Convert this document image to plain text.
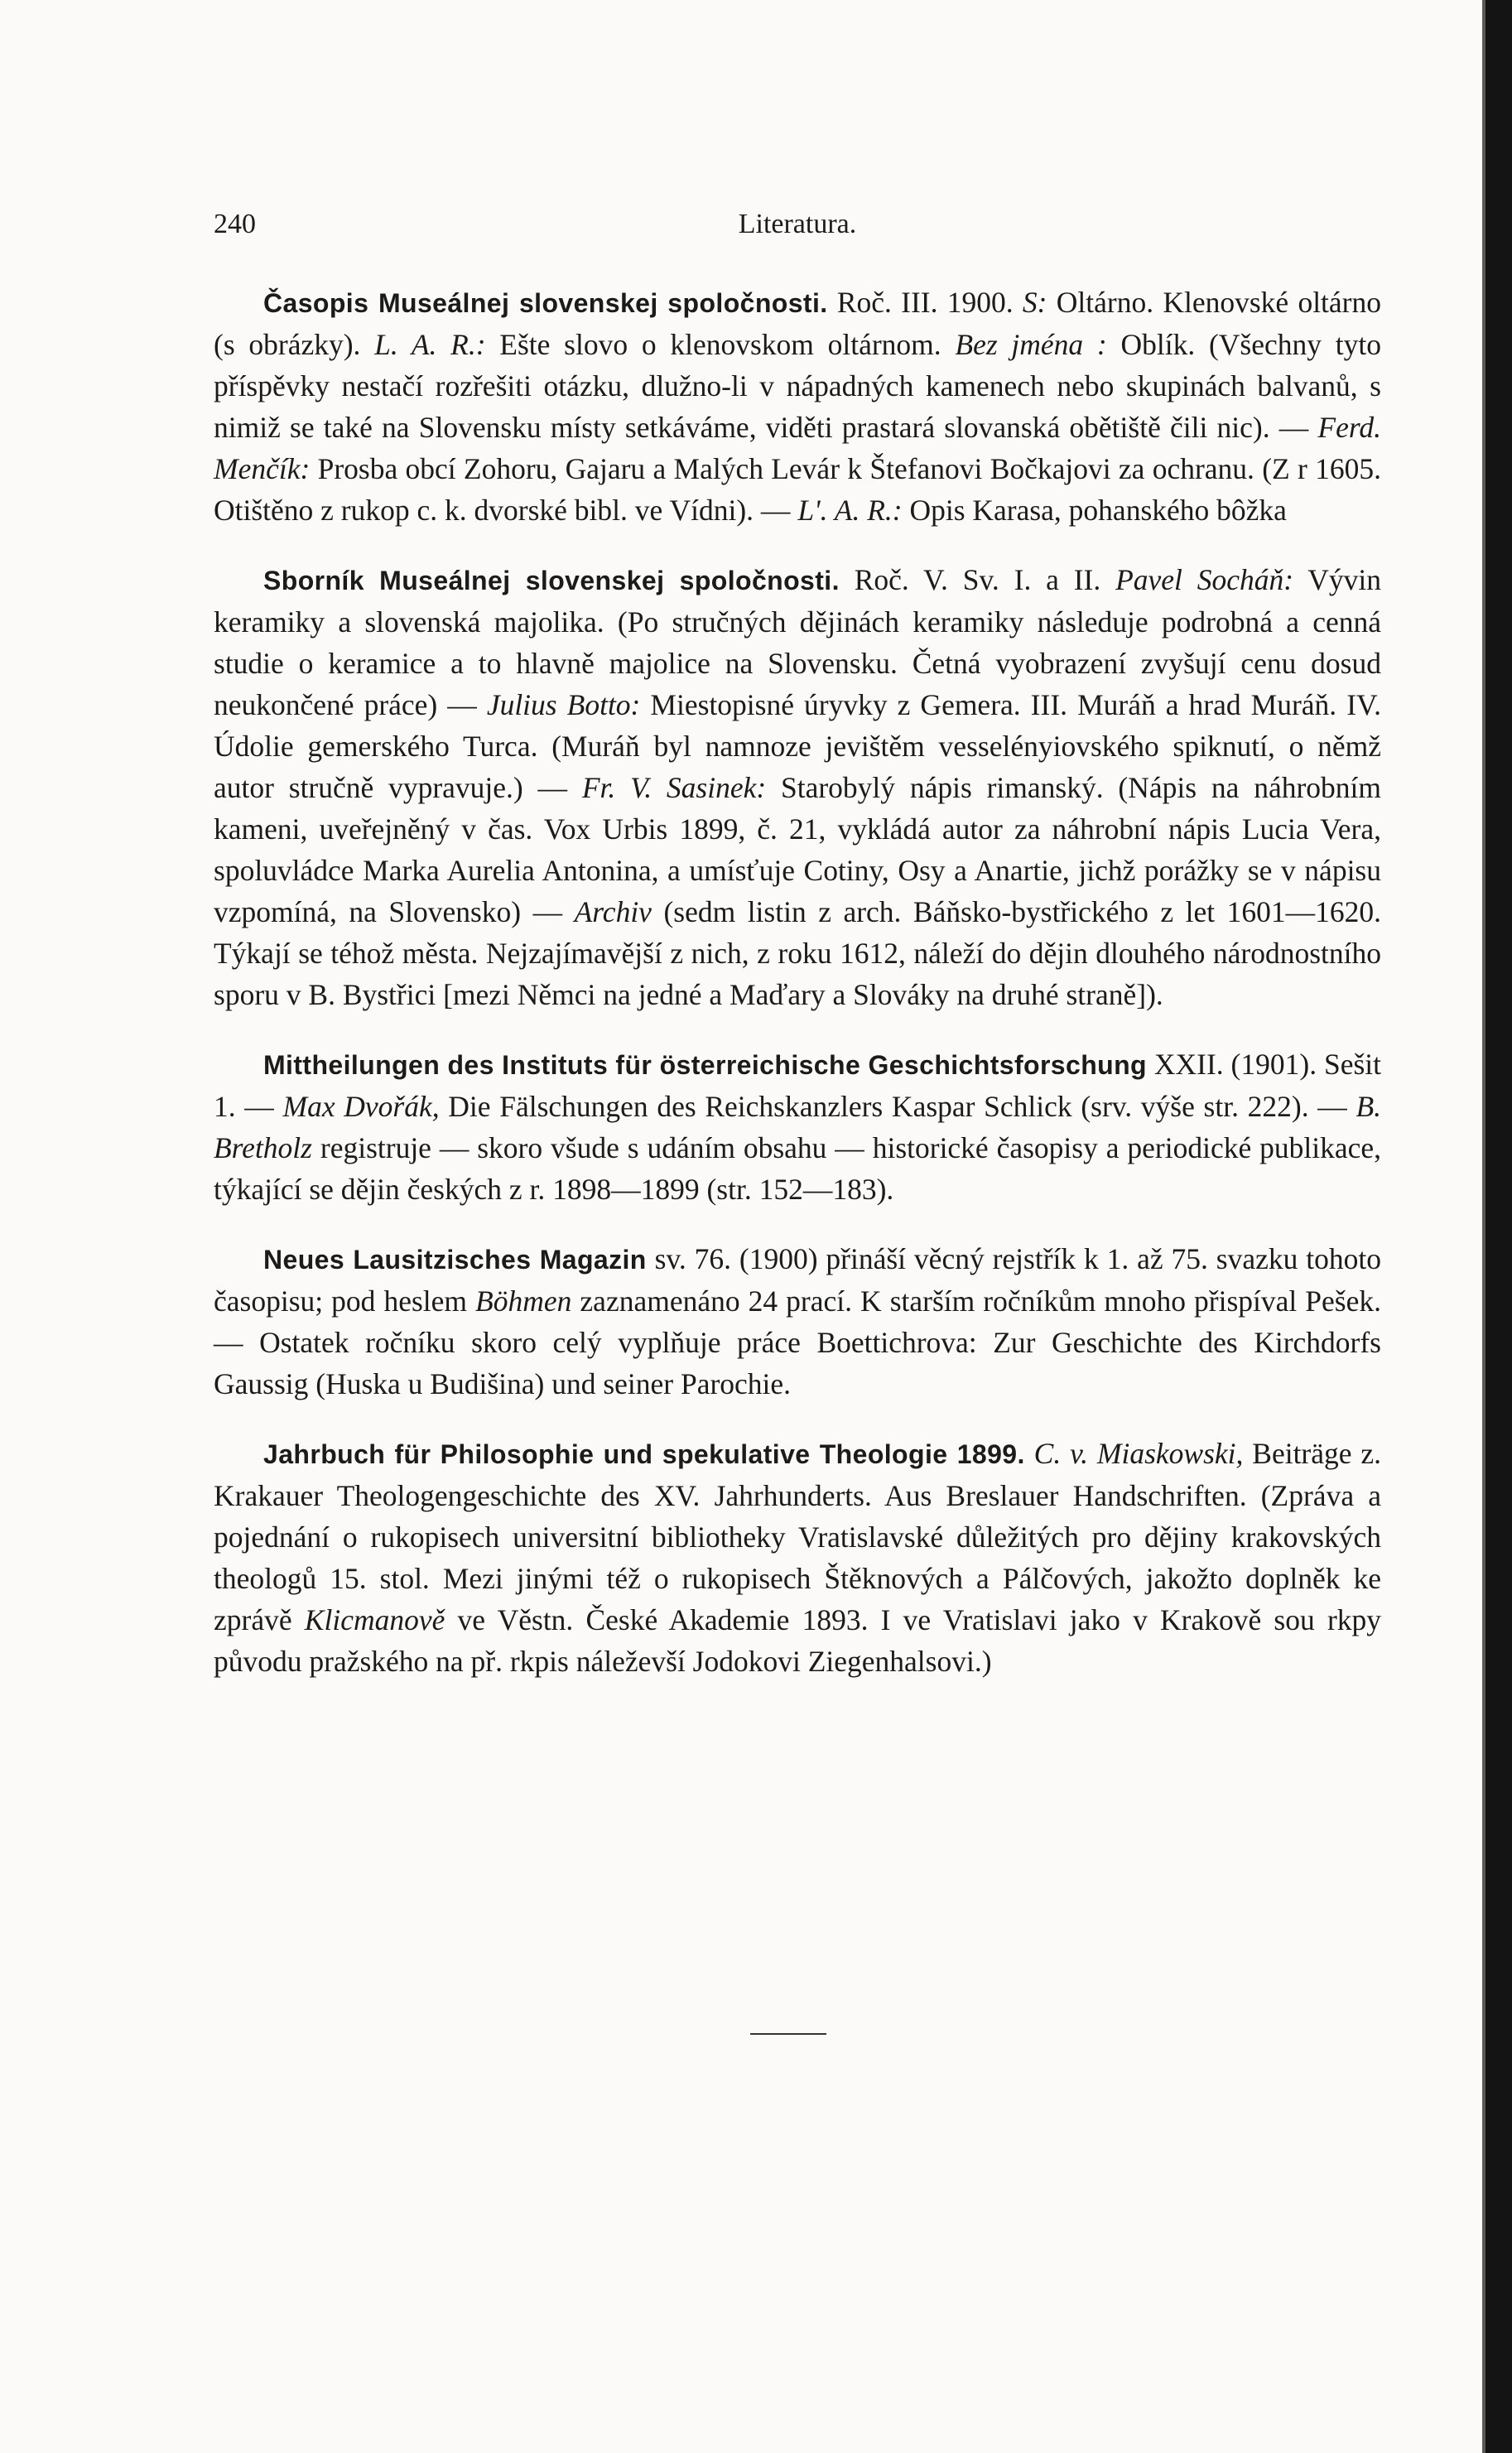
240	Literatura.

Časopis Museálnej slovenskej spoločnosti. Roč. III. 1900. S: Oltárno. Klenovské oltárno (s obrázky). L. A. R.: Ešte slovo o klenovskom oltárnom. Bez jména : Oblík. (Všechny tyto příspěvky nestačí rozřešiti otázku, dlužno-li v nápadných kamenech nebo skupinách balvanů, s nimiž se také na Slovensku místy setkáváme, viděti prastará slovanská obětiště čili nic). — Ferd. Menčík: Prosba obcí Zohoru, Gajaru a Malých Levár k Štefanovi Bočkajovi za ochranu. (Z r 1605. Otištěno z rukop c. k. dvorské bibl. ve Vídni). — L'. A. R.: Opis Karasa, pohanského bôžka

Sborník Museálnej slovenskej spoločnosti. Roč. V. Sv. I. a II. Pavel Socháň: Vývin keramiky a slovenská majolika. (Po stručných dějinách keramiky následuje podrobná a cenná studie o keramice a to hlavně majolice na Slovensku. Četná vyobrazení zvyšují cenu dosud neukončené práce) — Julius Botto: Miestopisné úryvky z Gemera. III. Muráň a hrad Muráň. IV. Údolie gemerského Turca. (Muráň byl namnoze jevištěm vesselényiovského spiknutí, o němž autor stručně vypravuje.) — Fr. V. Sasinek: Starobylý nápis rimanský. (Nápis na náhrobním kameni, uveřejněný v čas. Vox Urbis 1899, č. 21, vykládá autor za náhrobní nápis Lucia Vera, spoluvládce Marka Aurelia Antonina, a umísťuje Cotiny, Osy a Anartie, jichž porážky se v nápisu vzpomíná, na Slovensko) — Archiv (sedm listin z arch. Báňsko-bystřického z let 1601—1620. Týkají se téhož města. Nejzajímavější z nich, z roku 1612, náleží do dějin dlouhého národnostního sporu v B. Bystřici [mezi Němci na jedné a Maďary a Slováky na druhé straně]).

Mittheilungen des Instituts für österreichische Geschichtsforschung XXII. (1901). Sešit 1. — Max Dvořák, Die Fälschungen des Reichskanzlers Kaspar Schlick (srv. výše str. 222). — B. Bretholz registruje — skoro všude s udáním obsahu — historické časopisy a periodické publikace, týkající se dějin českých z r. 1898—1899 (str. 152—183).

Neues Lausitzisches Magazin sv. 76. (1900) přináší věcný rejstřík k 1. až 75. svazku tohoto časopisu; pod heslem Böhmen zaznamenáno 24 prací. K starším ročníkům mnoho přispíval Pešek. — Ostatek ročníku skoro celý vyplňuje práce Boettichrova: Zur Geschichte des Kirchdorfs Gaussig (Huska u Budišina) und seiner Parochie.

Jahrbuch für Philosophie und spekulative Theologie 1899. C. v. Miaskowski, Beiträge z. Krakauer Theologengeschichte des XV. Jahrhunderts. Aus Breslauer Handschriften. (Zpráva a pojednání o rukopisech universitní bibliotheky Vratislavské důležitých pro dějiny krakovských theologů 15. stol. Mezi jinými též o rukopisech Štěknových a Pálčových, jakožto doplněk ke zprávě Klicmanově ve Věstn. České Akademie 1893. I ve Vratislavi jako v Krakově sou rkpy původu pražského na př. rkpis náleževší Jodokovi Ziegenhalsovi.)
